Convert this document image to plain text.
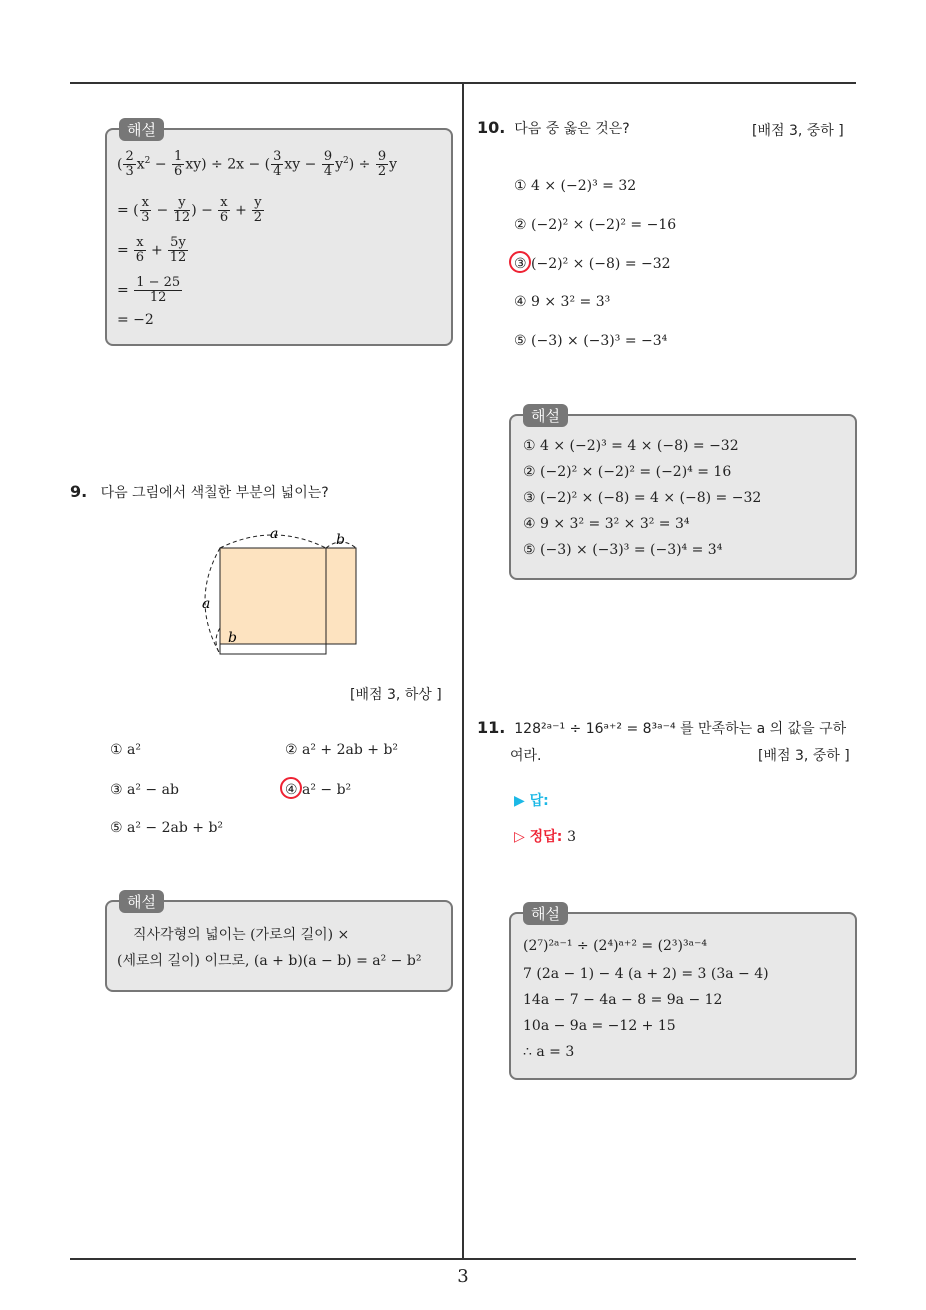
해설
( $\frac{2}{3} x^2 - \frac{1}{6} xy) \div 2x$ − ( $\frac{3}{4}$ xy − $\frac{9}{4} y^2) \div \frac{9}{2}$ y
= ( $\frac{x}{3} - \frac{y}{12}$ ) − $\frac{x}{6} + \frac{y}{2}$
= $\frac{x}{6} + \frac{5y}{12}$
= $\frac{1 - 25}{12}$
= −2
9. 다음 그림에서 색칠한 부분의 넓이는?
a	b
a
b
[배점 3, 하상 ]
① a²	② a² + 2ab + b²
③ a² − ab	④ a² − b²
⑤ a² − 2ab + b²
해설
직사각형의 넓이는 (가로의 길이) ×
(세로의 길이) 이므로, (a + b)(a − b) = a² − b²
10. 다음 중 옳은 것은?	[배점 3, 중하 ]
① 4 × (−2)³ = 32
② (−2)² × (−2)² = −16
③ (−2)² × (−8) = −32
④ 9 × 3² = 3³
⑤ (−3) × (−3)³ = −3⁴
해설
① 4 × (−2)³ = 4 × (−8) = −32
② (−2)² × (−2)² = (−2)⁴ = 16
③ (−2)² × (−8) = 4 × (−8) = −32
④ 9 × 3² = 3² × 3² = 3⁴
⑤ (−3) × (−3)³ = (−3)⁴ = 3⁴
11. 128²ᵃ⁻¹ ÷ 16ᵃ⁺² = 8³ᵃ⁻⁴ 를 만족하는 a 의 값을 구하
여라.	[배점 3, 중하 ]
▶ 답:
▷ 정답: 3
해설
(2⁷)²ᵃ⁻¹ ÷ (2⁴)ᵃ⁺² = (2³)³ᵃ⁻⁴
7 (2a − 1) − 4 (a + 2) = 3 (3a − 4)
14a − 7 − 4a − 8 = 9a − 12
10a − 9a = −12 + 15
∴ a = 3
3
